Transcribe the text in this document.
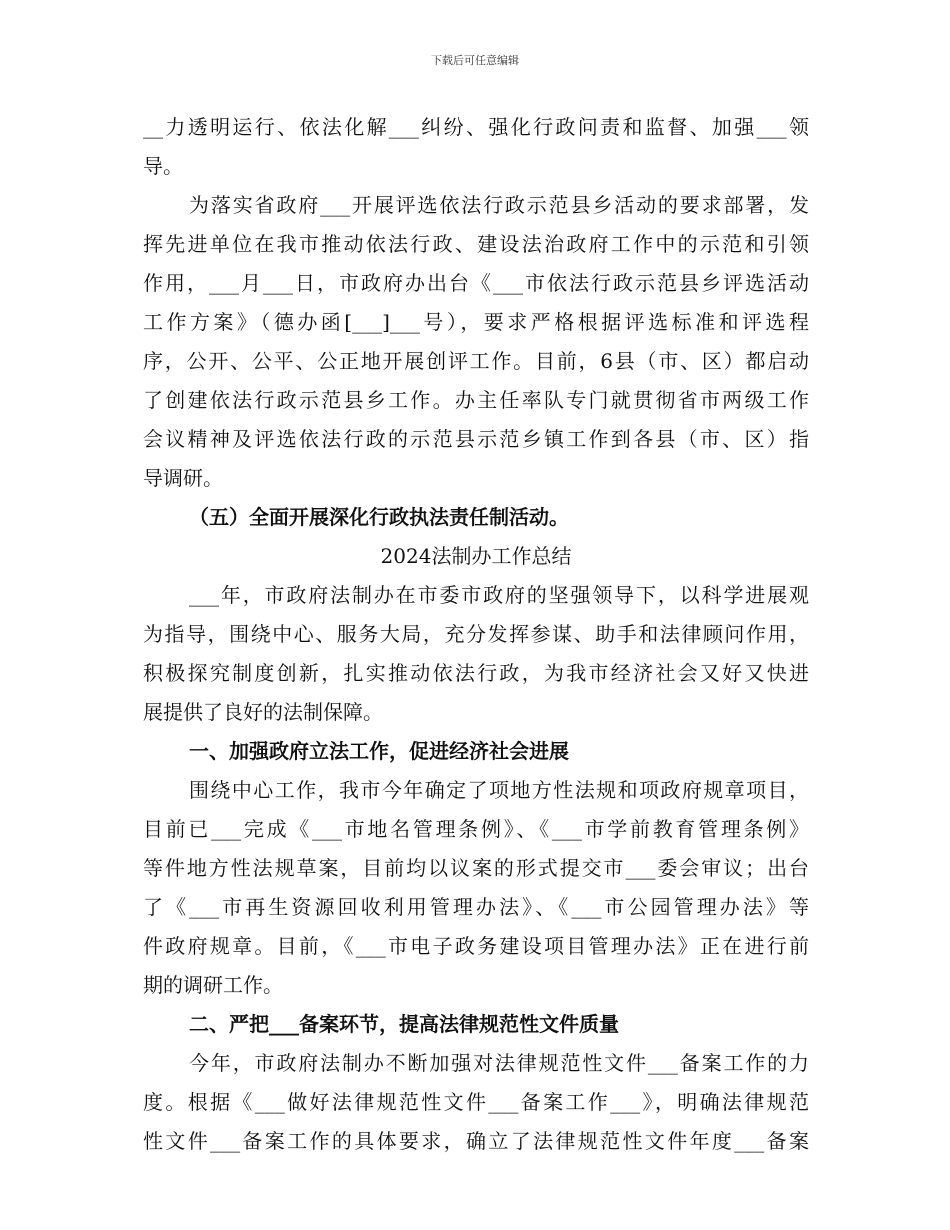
下载后可任意编辑
__力透明运行、依法化解___纠纷、强化行政问责和监督、加强___领
导。
为落实省政府___开展评选依法行政示范县乡活动的要求部署，发
挥先进单位在我市推动依法行政、建设法治政府工作中的示范和引领
作用，___月___日，市政府办出台《___市依法行政示范县乡评选活动
工作方案》（德办函[___]___号），要求严格根据评选标准和评选程
序，公开、公平、公正地开展创评工作。目前，6县（市、区）都启动
了创建依法行政示范县乡工作。办主任率队专门就贯彻省市两级工作
会议精神及评选依法行政的示范县示范乡镇工作到各县（市、区）指
导调研。
（五）全面开展深化行政执法责任制活动。
2024法制办工作总结
___年，市政府法制办在市委市政府的坚强领导下，以科学进展观
为指导，围绕中心、服务大局，充分发挥参谋、助手和法律顾问作用，
积极探究制度创新，扎实推动依法行政，为我市经济社会又好又快进
展提供了良好的法制保障。
一、加强政府立法工作，促进经济社会进展
围绕中心工作，我市今年确定了项地方性法规和项政府规章项目，
目前已___完成《___市地名管理条例》、《___市学前教育管理条例》
等件地方性法规草案，目前均以议案的形式提交市___委会审议；出台
了《___市再生资源回收利用管理办法》、《___市公园管理办法》等
件政府规章。目前，《___市电子政务建设项目管理办法》正在进行前
期的调研工作。
二、严把___备案环节，提高法律规范性文件质量
今年，市政府法制办不断加强对法律规范性文件___备案工作的力
度。根据《___做好法律规范性文件___备案工作___》，明确法律规范
性文件___备案工作的具体要求，确立了法律规范性文件年度___备案
